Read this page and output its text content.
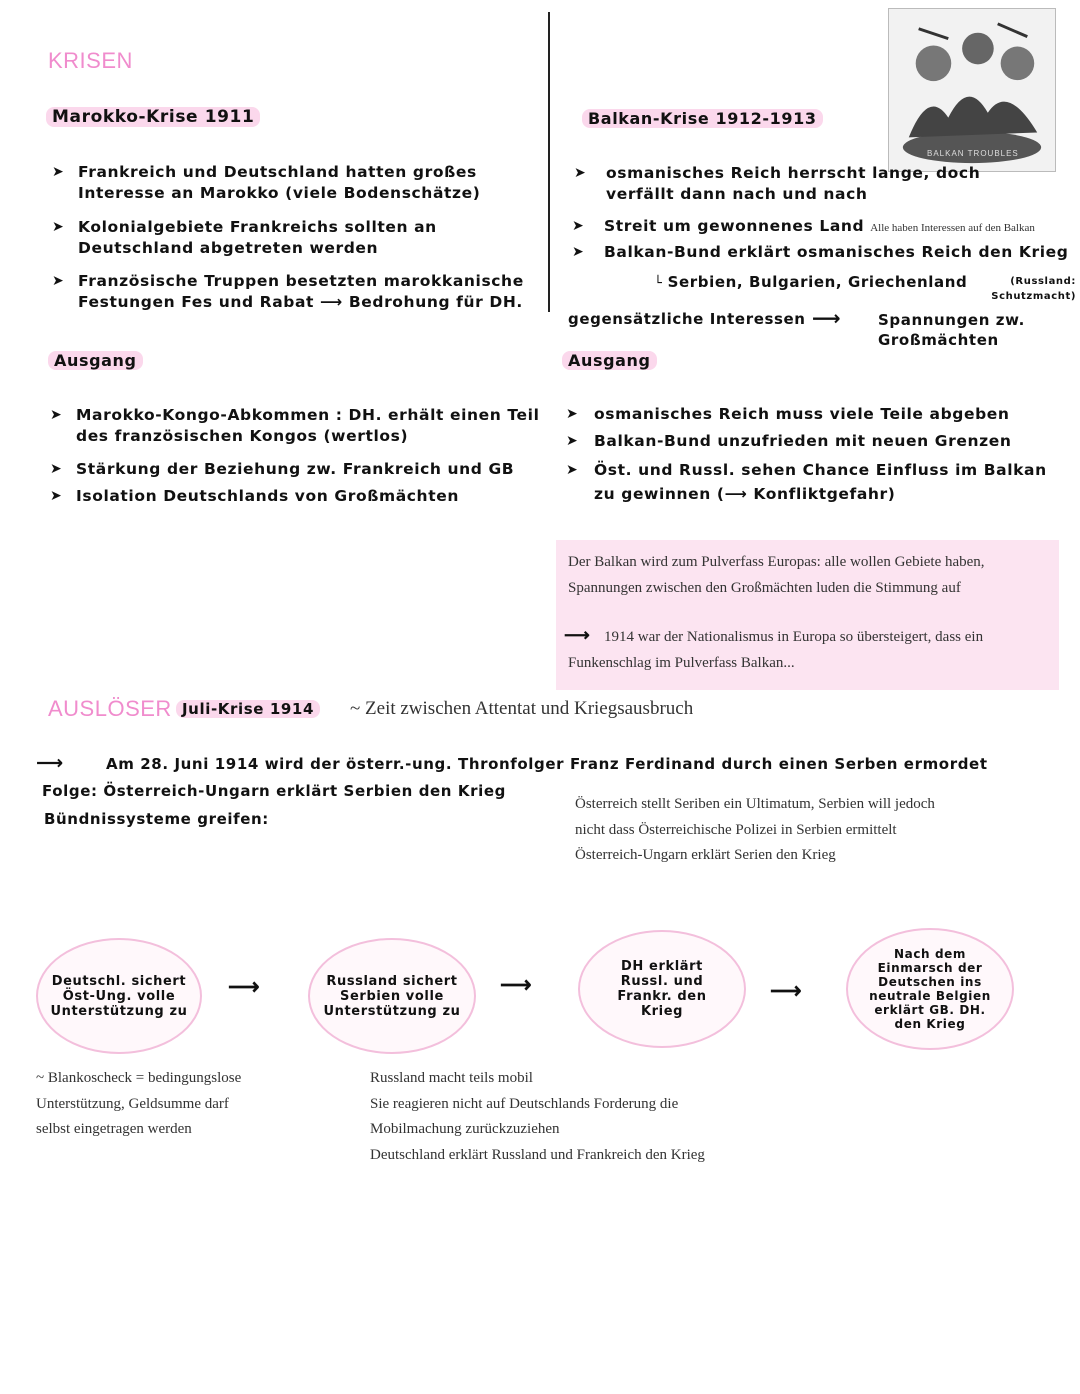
KRISEN
Marokko-Krise 1911
➤ Frankreich und Deutschland hatten großes Interesse an Marokko (viele Bodenschätze)
➤ Kolonialgebiete Frankreichs sollten an Deutschland abgetreten werden
➤ Französische Truppen besetzten marokkanische Festungen Fes und Rabat ⟶ Bedrohung für DH.
Ausgang
➤ Marokko-Kongo-Abkommen : DH. erhält einen Teil des französischen Kongos (wertlos)
➤ Stärkung der Beziehung zw. Frankreich und GB
➤ Isolation Deutschlands von Großmächten
BALKAN TROUBLES
Balkan-Krise 1912-1913
➤	osmanisches Reich herrscht lange, doch verfällt dann nach und nach
➤	Streit um gewonnenes Land Alle haben Interessen auf den Balkan
➤	Balkan-Bund erklärt osmanisches Reich den Krieg
└ Serbien, Bulgarien, Griechenland	(Russland: Schutzmacht)
gegensätzliche Interessen ⟶ Spannungen zw. Großmächten
Ausgang
➤	osmanisches Reich muss viele Teile abgeben
➤	Balkan-Bund unzufrieden mit neuen Grenzen
➤	Öst. und Russl. sehen Chance Einfluss im Balkan zu gewinnen (⟶ Konfliktgefahr)
Der Balkan wird zum Pulverfass Europas: alle wollen Gebiete haben, Spannungen zwischen den Großmächten luden die Stimmung auf
1914 war der Nationalismus in Europa so übersteigert, dass ein Funkenschlag im Pulverfass Balkan...
⟶
AUSLÖSER Juli-Krise 1914	~ Zeit zwischen Attentat und Kriegsausbruch
⟶	Am 28. Juni 1914 wird der österr.-ung. Thronfolger Franz Ferdinand durch einen Serben ermordet
Folge: Österreich-Ungarn erklärt Serbien den Krieg
Bündnissysteme greifen:
Österreich stellt Seriben ein Ultimatum, Serbien will jedoch
nicht dass Österreichische Polizei in Serbien ermittelt
Österreich-Ungarn erklärt Serien den Krieg
Deutschl. sichert Öst-Ung. volle Unterstützung zu
⟶	Russland sichert Serbien volle Unterstützung zu
⟶
DH erklärt Russl. und Frankr. den Krieg
⟶
Nach dem Einmarsch der Deutschen ins neutrale Belgien erklärt GB. DH. den Krieg
~ Blankoscheck = bedingungslose
Unterstützung, Geldsumme darf
selbst eingetragen werden
Russland macht teils mobil
Sie reagieren nicht auf Deutschlands Forderung die
Mobilmachung zurückzuziehen
Deutschland erklärt Russland und Frankreich den Krieg
